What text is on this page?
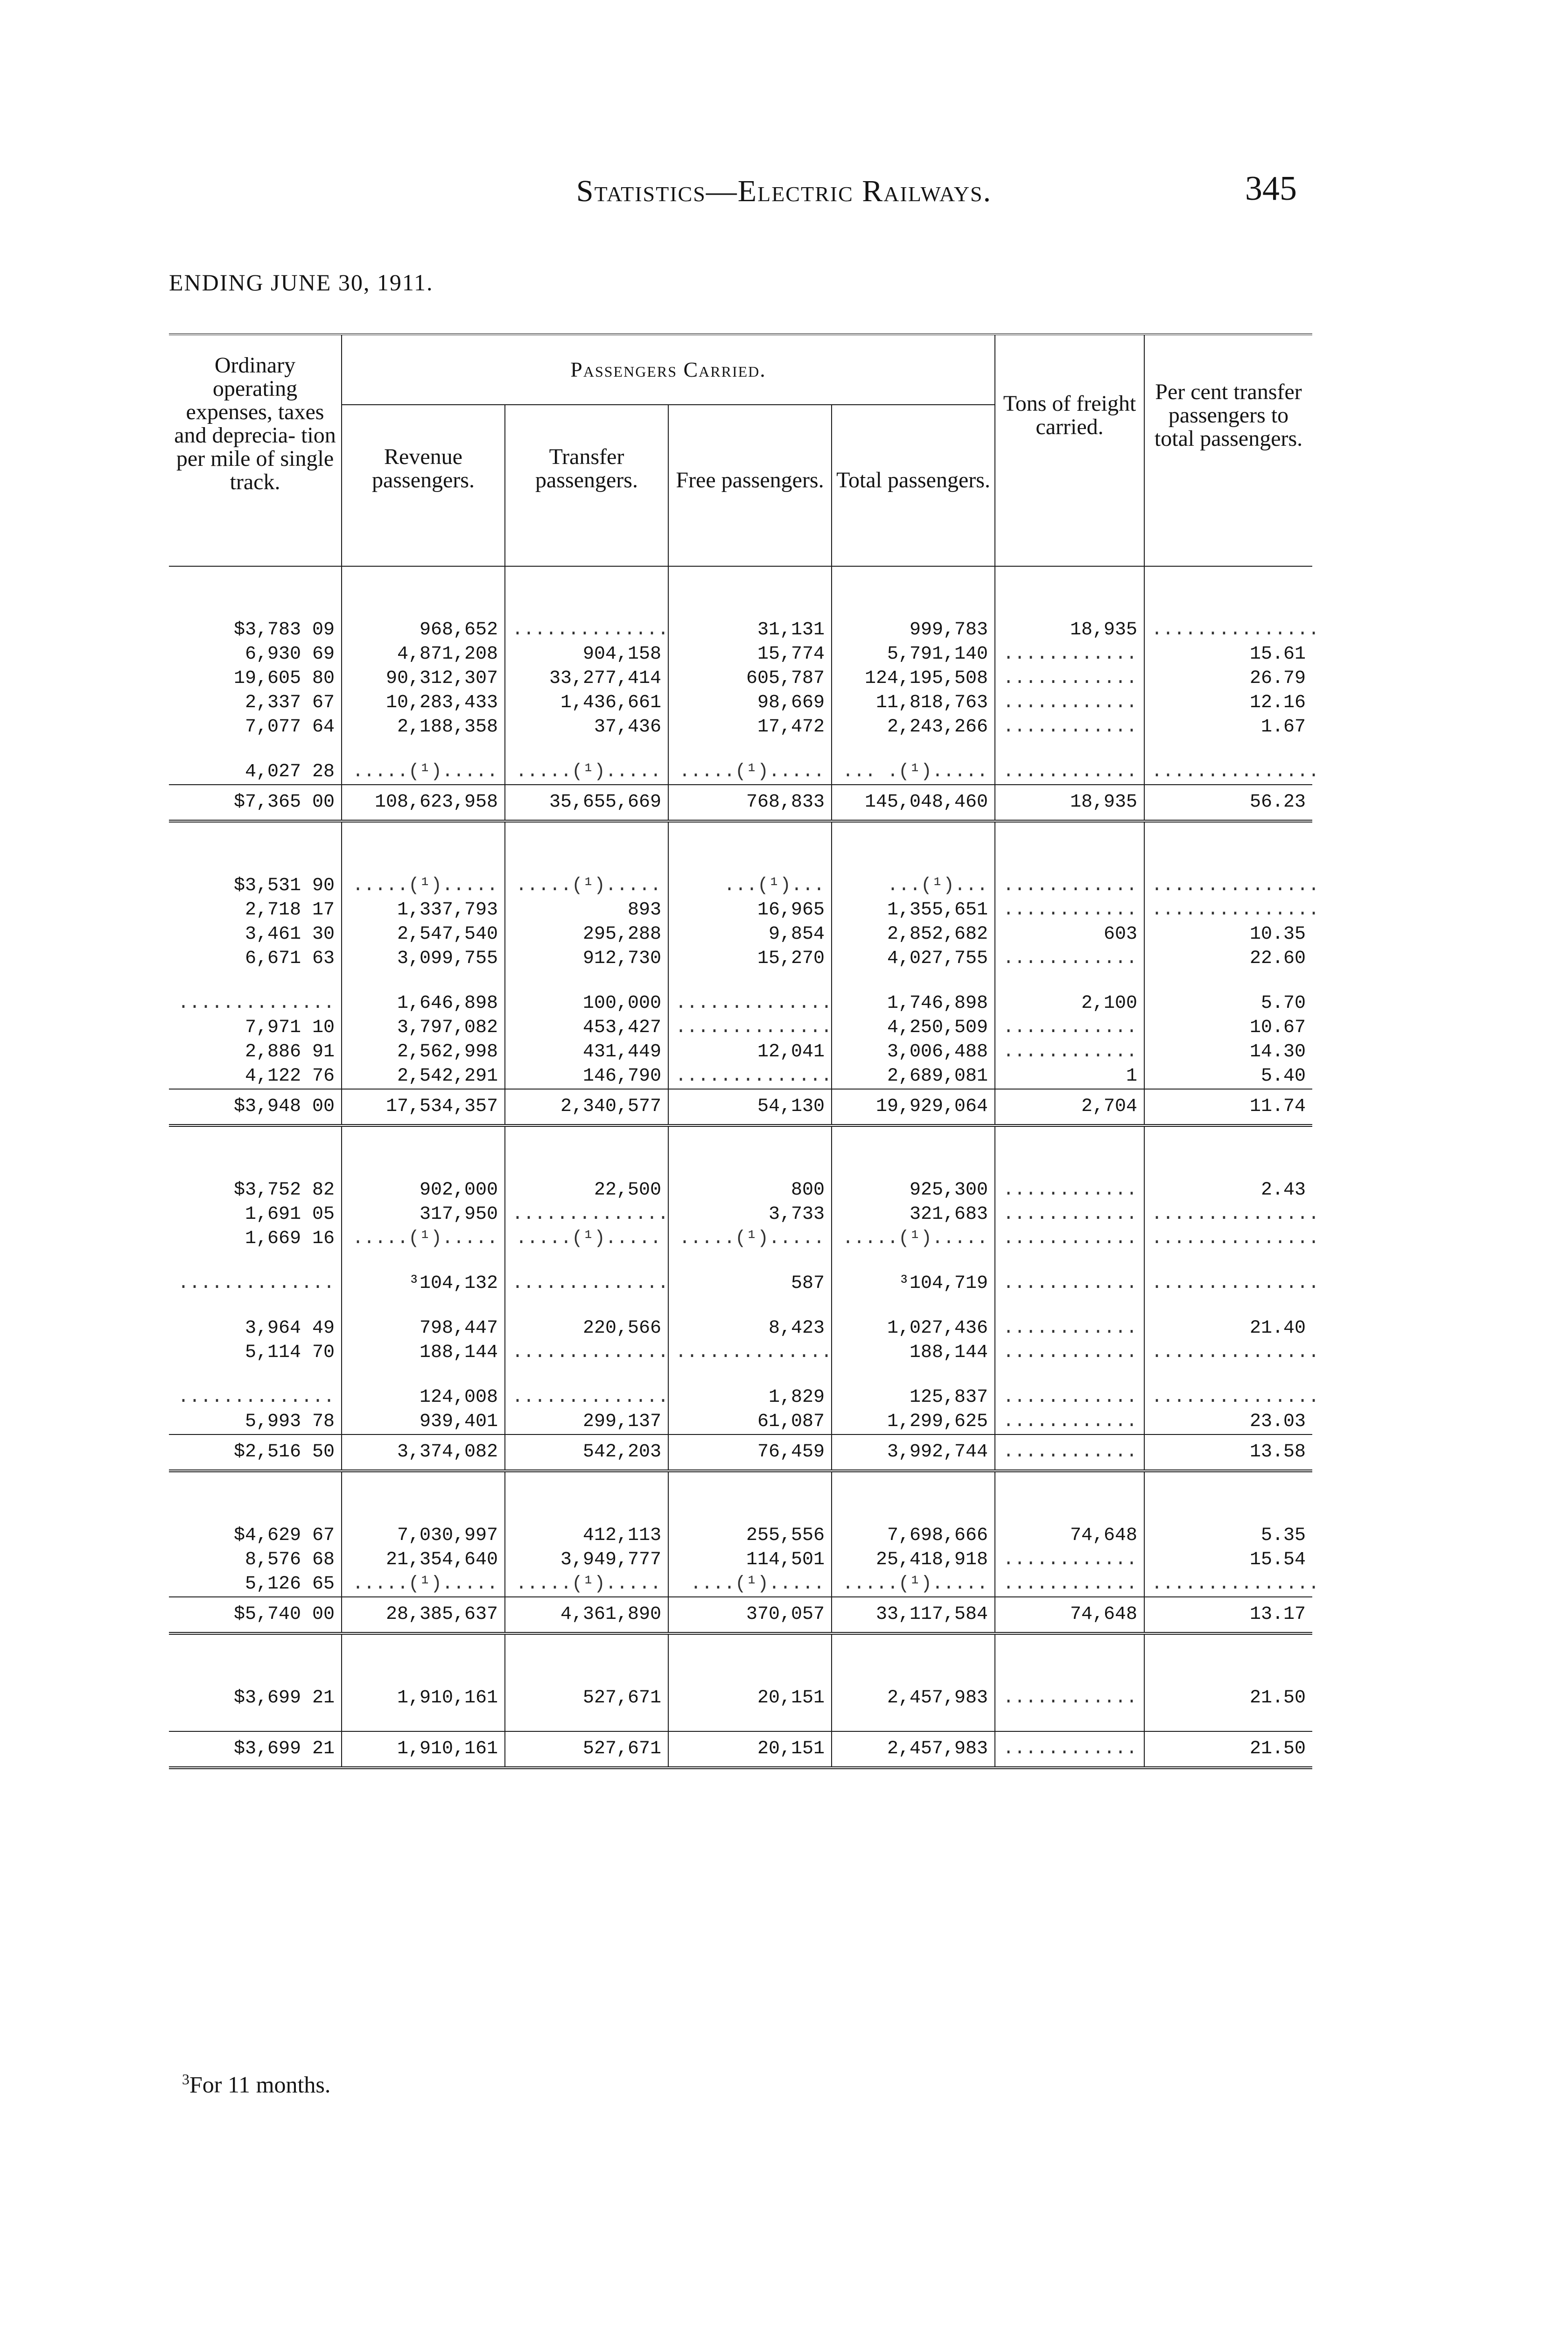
Statistics—Electric Railways.	345
ENDING JUNE 30, 1911.
Ordinary operating expenses, taxes and deprecia- tion per mile of single track.	Passengers Carried.				Tons of freight carried.	Per cent transfer passengers to total passengers.
	Revenue passengers.	Transfer passengers.	Free passengers.	Total passengers.		

$3,783 09	968,652	..............	31,131	999,783	18,935	...............
6,930 69	4,871,208	904,158	15,774	5,791,140	............	15.61
19,605 80	90,312,307	33,277,414	605,787	124,195,508	............	26.79
2,337 67	10,283,433	1,436,661	98,669	11,818,763	............	12.16
7,077 64	2,188,358	37,436	17,472	2,243,266	............	1.67

4,027 28	.....(¹).....	.....(¹).....	.....(¹).....	... .(¹).....	............	...............
$7,365 00	108,623,958	35,655,669	768,833	145,048,460	18,935	56.23

$3,531 90	.....(¹).....	.....(¹).....	...(¹)...	...(¹)...	............	...............
2,718 17	1,337,793	893	16,965	1,355,651	............	...............
3,461 30	2,547,540	295,288	9,854	2,852,682	603	10.35
6,671 63	3,099,755	912,730	15,270	4,027,755	............	22.60

..............	1,646,898	100,000	..............	1,746,898	2,100	5.70
7,971 10	3,797,082	453,427	..............	4,250,509	............	10.67
2,886 91	2,562,998	431,449	12,041	3,006,488	............	14.30
4,122 76	2,542,291	146,790	..............	2,689,081	1	5.40
$3,948 00	17,534,357	2,340,577	54,130	19,929,064	2,704	11.74

$3,752 82	902,000	22,500	800	925,300	............	2.43
1,691 05	317,950	..............	3,733	321,683	............	...............
1,669 16	.....(¹).....	.....(¹).....	.....(¹).....	.....(¹).....	............	...............

..............	³104,132	..............	587	³104,719	............	...............

3,964 49	798,447	220,566	8,423	1,027,436	............	21.40
5,114 70	188,144	..............	..............	188,144	............	...............

..............	124,008	..............	1,829	125,837	............	...............
5,993 78	939,401	299,137	61,087	1,299,625	............	23.03
$2,516 50	3,374,082	542,203	76,459	3,992,744	............	13.58

$4,629 67	7,030,997	412,113	255,556	7,698,666	74,648	5.35
8,576 68	21,354,640	3,949,777	114,501	25,418,918	............	15.54
5,126 65	.....(¹).....	.....(¹).....	....(¹).....	.....(¹).....	............	...............
$5,740 00	28,385,637	4,361,890	370,057	33,117,584	74,648	13.17

$3,699 21	1,910,161	527,671	20,151	2,457,983	............	21.50

$3,699 21	1,910,161	527,671	20,151	2,457,983	............	21.50
$^3$For 11 months.
